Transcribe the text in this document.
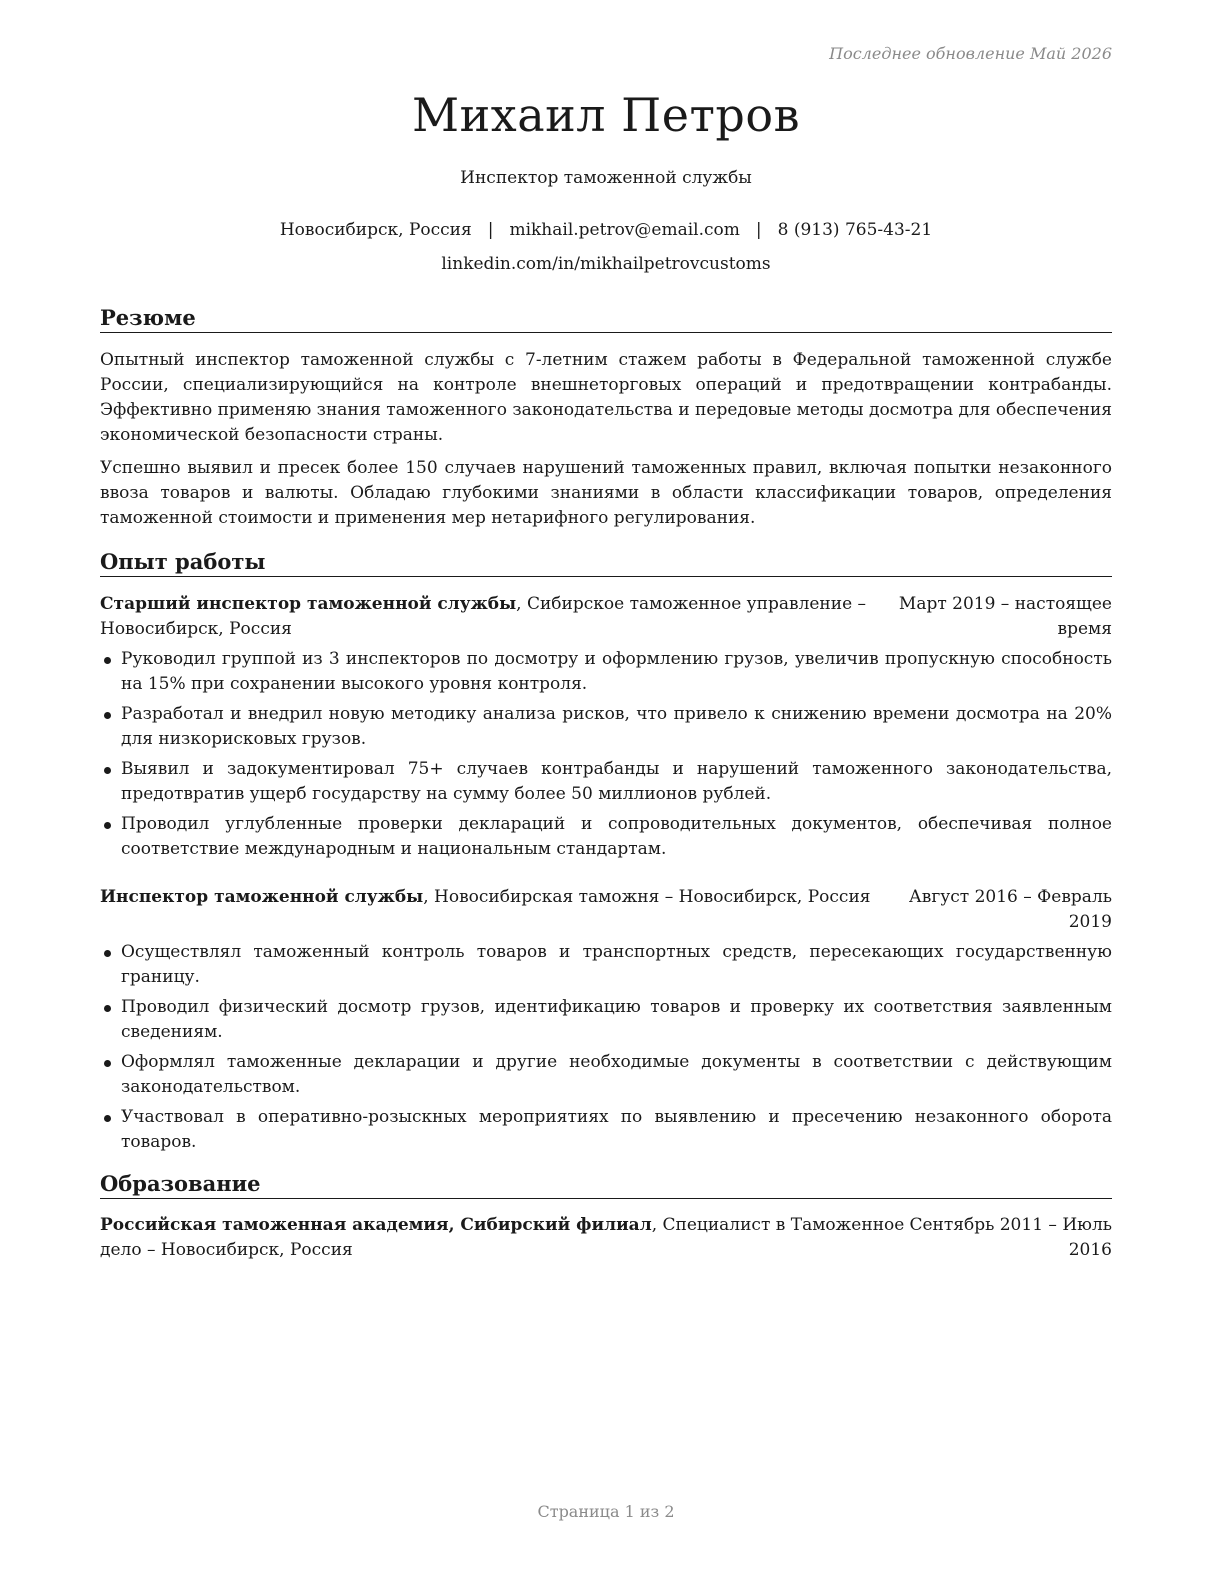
Последнее обновление Май 2026
Михаил Петров
Инспектор таможенной службы
Новосибирск, Россия | mikhail.petrov@email.com | 8 (913) 765-43-21
linkedin.com/in/mikhailpetrovcustoms
Резюме

Опытный инспектор таможенной службы с 7-летним стажем работы в Федеральной таможенной службе России, специализирующийся на контроле внешнеторговых операций и предотвращении контрабанды. Эффективно применяю знания таможенного законодательства и передовые методы досмотра для обеспечения экономической безопасности страны.

Успешно выявил и пресек более 150 случаев нарушений таможенных правил, включая попытки незаконного ввоза товаров и валюты. Обладаю глубокими знаниями в области классификации товаров, определения таможенной стоимости и применения мер нетарифного регулирования.

Опыт работы
Старший инспектор таможенной службы, Сибирское таможенное управление –
Новосибирск, Россия
Март 2019 – настоящее
время
Руководил группой из 3 инспекторов по досмотру и оформлению грузов, увеличив пропускную способность на 15% при сохранении высокого уровня контроля.
Разработал и внедрил новую методику анализа рисков, что привело к снижению времени досмотра на 20% для низкорисковых грузов.
Выявил и задокументировал 75+ случаев контрабанды и нарушений таможенного законодательства, предотвратив ущерб государству на сумму более 50 миллионов рублей.
Проводил углубленные проверки деклараций и сопроводительных документов, обеспечивая полное соответствие международным и национальным стандартам.
Инспектор таможенной службы, Новосибирская таможня – Новосибирск, Россия Август 2016 – Февраль
2019
Осуществлял таможенный контроль товаров и транспортных средств, пересекающих государственную границу.
Проводил физический досмотр грузов, идентификацию товаров и проверку их соответствия заявленным сведениям.
Оформлял таможенные декларации и другие необходимые документы в соответствии с действующим законодательством.
Участвовал в оперативно-розыскных мероприятиях по выявлению и пресечению незаконного оборота товаров.
Образование
Российская таможенная академия, Сибирский филиал, Специалист в Таможенное
дело – Новосибирск, Россия
Сентябрь 2011 – Июль
2016
Страница 1 из 2
